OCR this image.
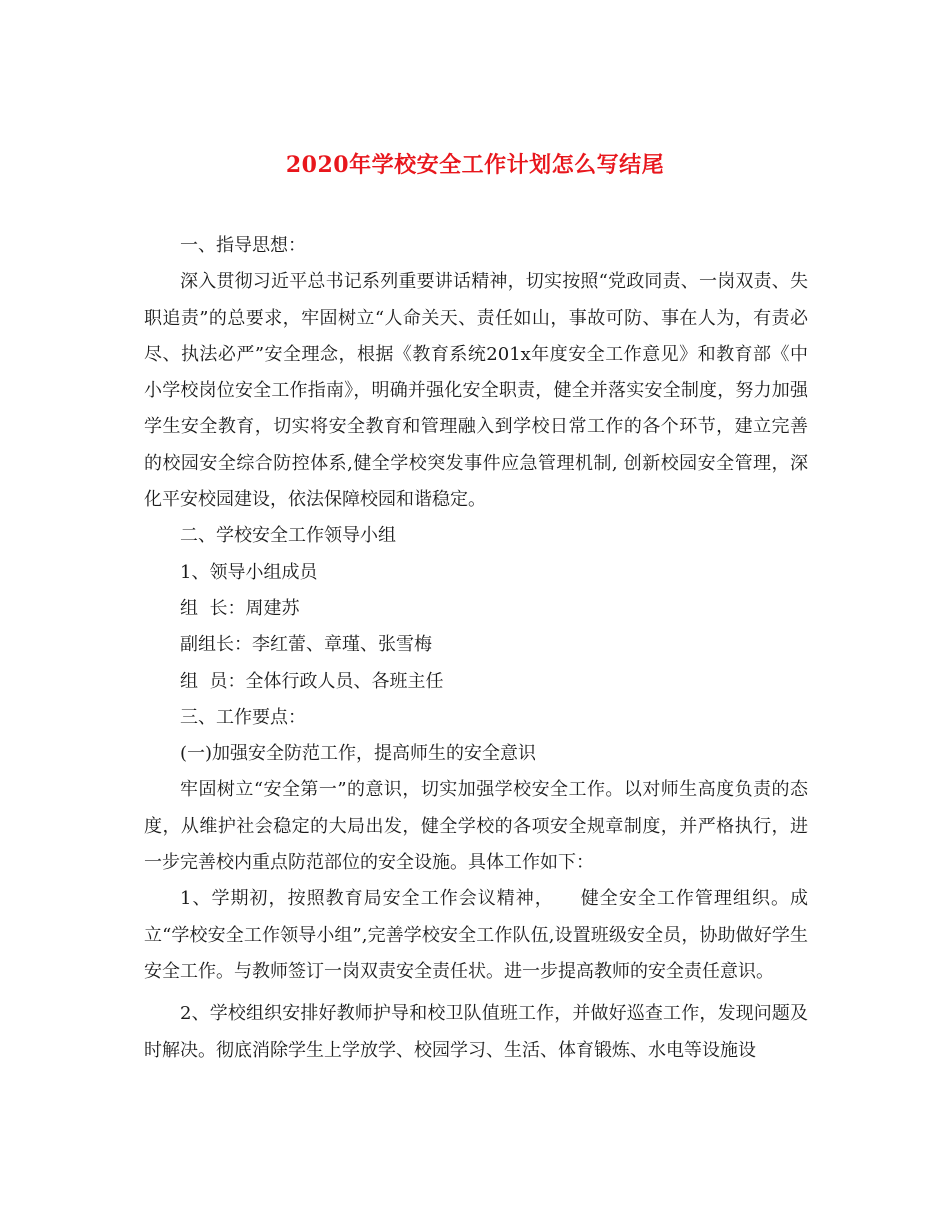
2020年学校安全工作计划怎么写结尾

一、指导思想：

深入贯彻习近平总书记系列重要讲话精神，切实按照“党政同责、一岗双责、失职追责”的总要求，牢固树立“人命关天、责任如山，事故可防、事在人为，有责必尽、执法必严”安全理念，根据《教育系统201x年度安全工作意见》和教育部《中小学校岗位安全工作指南》，明确并强化安全职责，健全并落实安全制度，努力加强学生安全教育，切实将安全教育和管理融入到学校日常工作的各个环节，建立完善的校园安全综合防控体系,健全学校突发事件应急管理机制, 创新校园安全管理，深化平安校园建设，依法保障校园和谐稳定。

二、学校安全工作领导小组

1、领导小组成员

组  长：周建苏

副组长：李红蕾、章瑾、张雪梅

组  员：全体行政人员、各班主任

三、工作要点：

(一)加强安全防范工作，提高师生的安全意识

牢固树立“安全第一”的意识，切实加强学校安全工作。以对师生高度负责的态度，从维护社会稳定的大局出发，健全学校的各项安全规章制度，并严格执行，进一步完善校内重点防范部位的安全设施。具体工作如下：

1、学期初，按照教育局安全工作会议精神，    健全安全工作管理组织。成立“学校安全工作领导小组”,完善学校安全工作队伍,设置班级安全员，协助做好学生安全工作。与教师签订一岗双责安全责任状。进一步提高教师的安全责任意识。

2、学校组织安排好教师护导和校卫队值班工作，并做好巡查工作，发现问题及时解决。彻底消除学生上学放学、校园学习、生活、体育锻炼、水电等设施设
